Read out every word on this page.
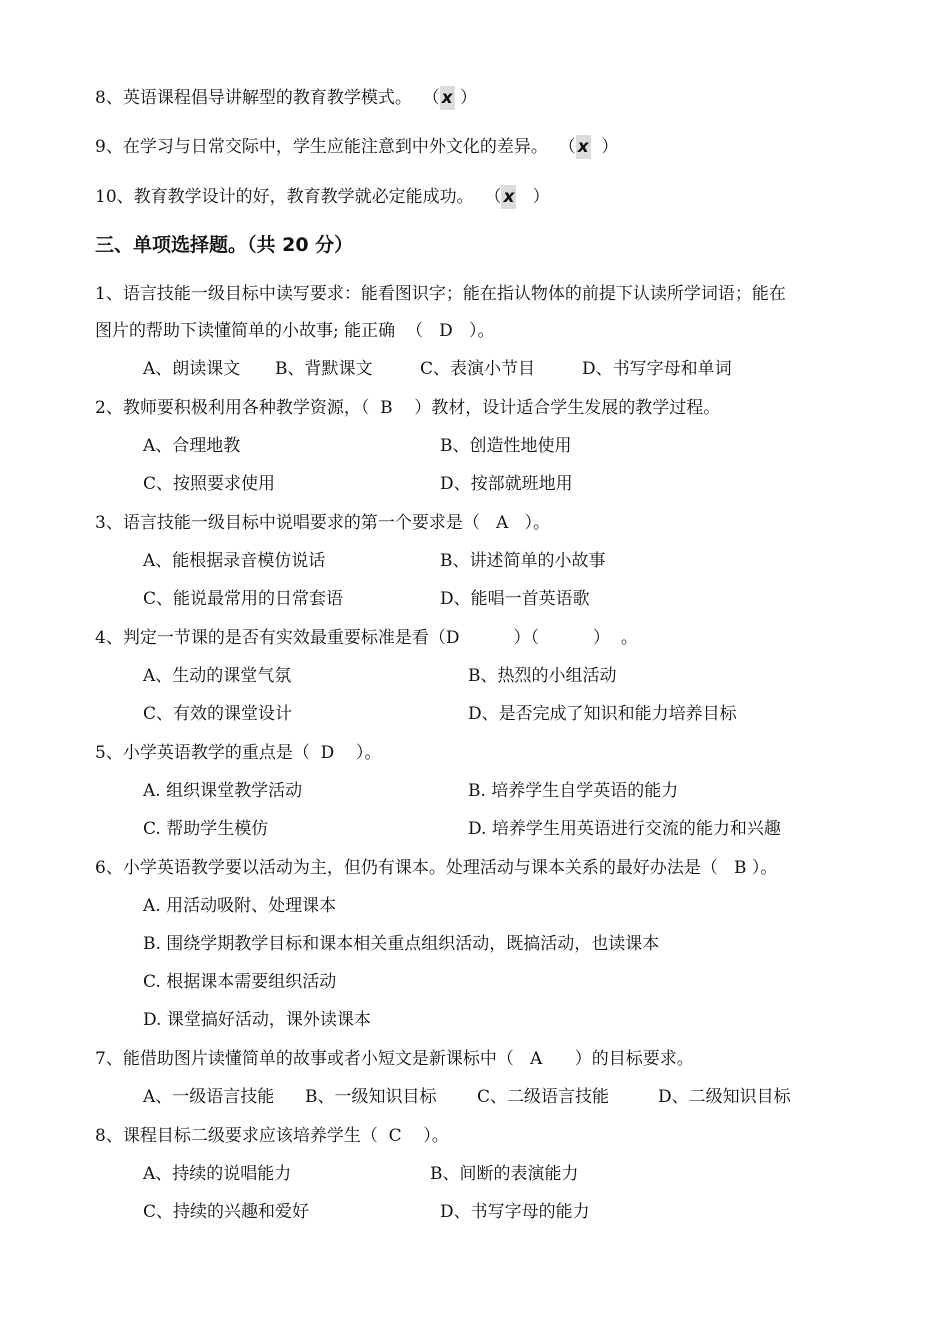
8、英语课程倡导讲解型的教育教学模式。  （ x ）
9、在学习与日常交际中，学生应能注意到中外文化的差异。  （ x  ）
10、教育教学设计的好，教育教学就必定能成功。  （ x   ）
三、单项选择题。（共 20 分）
1、语言技能一级目标中读写要求：能看图识字；能在指认物体的前提下认读所学词语；能在
图片的帮助下读懂简单的小故事; 能正确  （   D   ）。
A、朗读课文 B、背默课文	C、表演小节目	D、书写字母和单词
2、教师要积极利用各种教学资源，（  B    ）教材，设计适合学生发展的教学过程。
A、合理地教	B、创造性地使用
C、按照要求使用	D、按部就班地用
3、语言技能一级目标中说唱要求的第一个要求是（   A   ）。
A、能根据录音模仿说话	B、讲述简单的小故事
C、能说最常用的日常套语	D、能唱一首英语歌
4、判定一节课的是否有实效最重要标准是看（D          ）（          ）  。
A、生动的课堂气氛	B、热烈的小组活动
C、有效的课堂设计	D、是否完成了知识和能力培养目标
5、小学英语教学的重点是（  D    ）。
A. 组织课堂教学活动	B. 培养学生自学英语的能力
C. 帮助学生模仿	D. 培养学生用英语进行交流的能力和兴趣
6、小学英语教学要以活动为主，但仍有课本。处理活动与课本关系的最好办法是（   B ）。
A. 用活动吸附、处理课本
B. 围绕学期教学目标和课本相关重点组织活动，既搞活动，也读课本
C. 根据课本需要组织活动
D. 课堂搞好活动，课外读课本
7、能借助图片读懂简单的故事或者小短文是新课标中（   A      ）的目标要求。
A、一级语言技能 B、一级知识目标 C、二级语言技能	D、二级知识目标
8、课程目标二级要求应该培养学生（  C    ）。
A、持续的说唱能力	B、间断的表演能力
C、持续的兴趣和爱好	D、书写字母的能力
